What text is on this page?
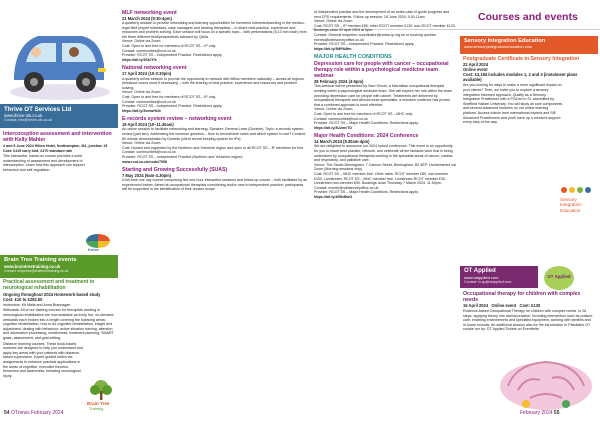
Courses and events
Thrive OT Services Ltd
www.thrive-ots.co.uk
Contact: info@thrive-ots.co.uk
Intercoception assessment and intervention with Kelly Mahler
4 and 5 June 2024 Hilton Hotel, Northampton, M1, junction 15 Cost: £415 early bird, £470 standard rate
This interactive, hands-on course provides a solid understanding of assessment and development of interoception. Learn how this approach can support behaviour and self-regulation.
thrive
Brain Tree Training events
www.braintreetraining.co.uk
Contact: enquiries@braintreetraining.co.uk
Practical assessment and treatment in neurological rehabilitation
Ongoing throughout 2024 Homework-based study
Cost: £10 to £252.50
Instructors: Kit Malia and Anna Brannagan
Webcasts: All of our training courses for therapists working in neurological rehabilitation are now available as lively, fun, on-demand webcasts each broken into a length covering the following areas: cognitive rehabilitation, how to do cognitive rehabilitation, insight and adjustment, dealing with behaviour, active situation training, attention and information processing, mindfulness, treatment planning, SMART goals, assessment, and goal setting.
Distance learning courses: These book-based modules are designed to help you understand and apply key areas with your patients with distance-based supervision. Expert guided tuition via assignments to enhance practical applications in the areas of cognitive, executive function, behaviour and awareness, following neurological injury.
Brain Tree
Training
MLF networking event
21 March 2024 (9:30-4pm)
A quarterly session to provide networking and learning opportunities for members interested/working in the medico-legal field (expert witnesses, case managers and treating therapists) – to share best practice, experience and resources and problem solving. Each session will focus on a specific topic – with presentations (5-10 min each) from the three different field/perspectives followed by Q&As.
Venue: Online via Zoom.
Cost: Open to and free for members of RCOT SS – IP only.
Contact: communities@rcot.co.uk
Provider: RCOT SS – Independent Practice. Restrictions apply.
https://bit.ly/3Sk7tTe
National networking event
17 April 2024 (10-3:30pm)
A quarterly online session to provide the opportunity to network with fellow members nationally – across all regions (breakout rooms used if necessary) – with the sharing of best practice, experience and resources and problem solving.
Venue: Online via Zoom.
Cost: Open to and free for members of RCOT SS – IP only.
Contact: communities@rcot.co.uk
Provider: RCOT SS – Independent Practice. Restrictions apply.
https://bit.ly/3vmwHUb
E-records system review – networking event
19 April 2024 (10–11.30am)
An online session to facilitate networking and learning. Speaker: Gemma Lowe (Durante). Topic: e-records system review (part two). Addressing the common question – How to record/store notes and which system to use? Content: 60 minute demonstration by Durante (client record keeping system for IPs).
Venue: Online via Zoom.
Cost: Hosted and organised by the Northern and Yorkshire region and open to all RCOT SS – IP members for free.
Contact: communities@rcot.co.uk
Provider: RCOT SS – Independent Practice (Northern and Yorkshire region)
www.rcot.co.uk/node/7958
Starting and Growing Successfully (SUAS)
7 May 2024 (9am-4.30pm)
A full-time one day course comprising five one-hour interactive sessions and follow-up course – both facilitated by an experienced trainer. Aimed at occupational therapists considering and/or new to independent practice; participants will be supported in the identification of their chosen scope
of independent practice and the development of an action plan to guide progress and next CPD requirements. Follow up session: 18 June 2024, 9.30-11am.
Venue: Online via Zoom.
Cost: RCOT SS – IP member £85, other RCOT member £130, non-RCOT member £130. Bookings close 22 April 2024 at 5pm.
Contact: General enquiries: coordinator@rcotss-ip.org.uk or booking queries: events@ndhtsurveyoffice.co.uk
Provider: RCOT SS – Independent Practice. Restrictions apply.
https://bit.ly/3MPA8fm
MAJOR HEALTH CONDITIONS
Depression care for people with cancer – occupational therapy role within a psychological medicine team webinar
28 February 2024 (4-5pm)
This webinar will be presented by Sam Glover, a Macmillan occupational therapist working within a psychological medicine team. She will explore her role within the team providing depression care for people with cancer. Treatments are delivered by occupational therapists and clinical nurse specialists: a research evidence has proven that a combined approach is most effective.
Venue: Online via Zoom.
Cost: Open to and free for members of RCOT SS – MHC only.
Contact: communities@rcot.co.uk
Provider: RCOT SS – Major Health Conditions. Restrictions apply.
https://bit.ly/3U2mvTD
Major Health Conditions: 2024 Conference
14 March 2024 (9.30am-4pm)
We are delighted to announce our 2024 hybrid conference. This event is an opportunity for you to share best practice, network, and celebrate all the fantastic work that is being undertaken by occupational therapists working in the specialist areas of cancer, cardiac and respiratory, and palliative care.
Venue: The Studio Birmingham, 7 Cannon Street, Birmingham, B2 5EP. Livestreamed via Zoom (Morning sessions only).
Cost: RCOT SS – MHC member free. Other rates: RCOT member £80, non-member £100, Livestream: RCOT SS – MHC member free, Livestream RCOT member £30, Livestream non-member £50. Bookings close Thursday 7 March 2024, 11.59pm.
Contact: events@ndhtsurveyoffice.co.uk
Provider: RCOT SS – Major Health Conditions. Restrictions apply.
https://bit.ly/40BvBwG
Sensory Integration Education
www.sensoryintegrationeducation.com
Postgraduate Certificate in Sensory Integration
22 April 2024
Online event
Cost: £3,184 includes modules 1, 2 and 3 (instalment plans available)
Are you looking for ways to make a more significant impact on your clients? Then, we invite you to explore a sensory integration informed approach. Qualify as a Sensory Integration Practitioner with a PGCert in SI, accredited by Sheffield Hallam University. You will study all core components and several advanced modules on our online learning platform. Access videos from international experts and SIE Advanced Practitioners and you'll have up a mentor's support every step of the way.
Sensory Integration Education
OT Applied
www.otapplied.com
Contact: iv.sp@otapplied.com
OT Applied
Occupational therapy for children with complex needs
15 April 2024 Online event Cost: £130
Evidence-based Occupational Therapy for children with complex needs. In 26 steps, applying theory into clinical practice. Including intervention such as posture care, enabling environments and specialist equipment, working with families and in-home schools. An additional session also for the introduction to Paediatric OT course run by: OT Applied Tickets on Eventbrite.
54 OTnews February 2024	February 2024 55
